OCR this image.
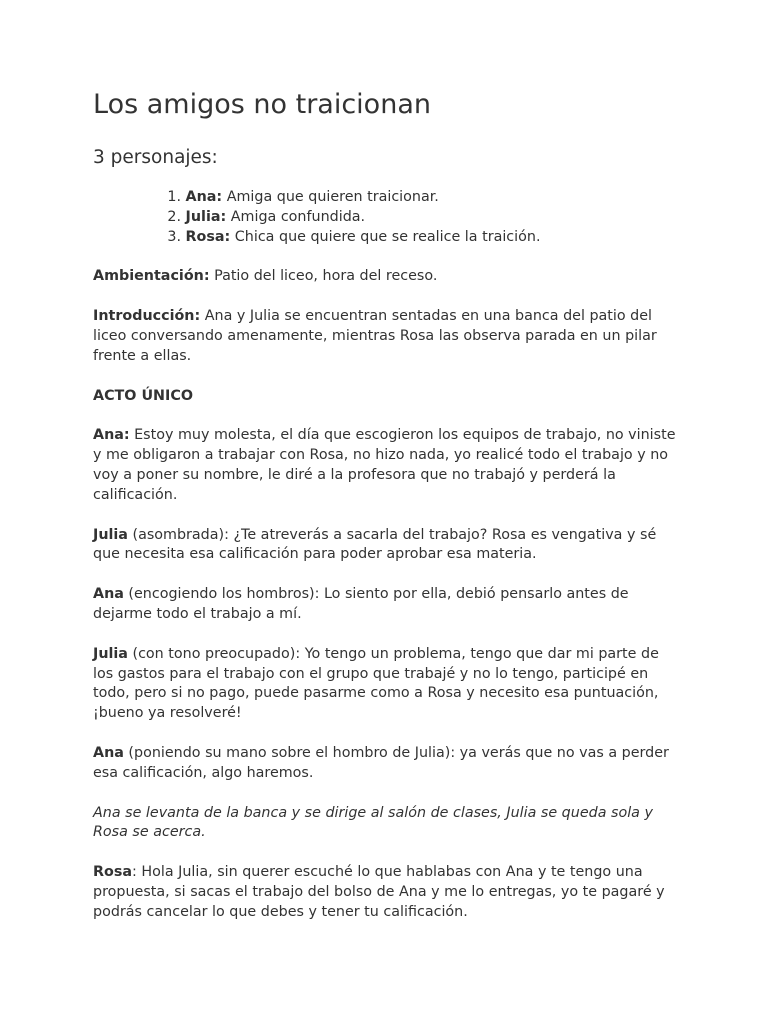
Los amigos no traicionan
3 personajes:
1.
Ana: Amiga que quieren traicionar.
2.
Julia: Amiga confundida.
3.
Rosa: Chica que quiere que se realice la traición.

Ambientación: Patio del liceo, hora del receso.

Introducción: Ana y Julia se encuentran sentadas en una banca del patio del liceo conversando amenamente, mientras Rosa las observa parada en un pilar frente a ellas.

ACTO ÚNICO

Ana: Estoy muy molesta, el día que escogieron los equipos de trabajo, no viniste y me obligaron a trabajar con Rosa, no hizo nada, yo realicé todo el trabajo y no voy a poner su nombre, le diré a la profesora que no trabajó y perderá la calificación.

Julia (asombrada): ¿Te atreverás a sacarla del trabajo? Rosa es vengativa y sé que necesita esa calificación para poder aprobar esa materia.

Ana (encogiendo los hombros): Lo siento por ella, debió pensarlo antes de dejarme todo el trabajo a mí.

Julia (con tono preocupado): Yo tengo un problema, tengo que dar mi parte de los gastos para el trabajo con el grupo que trabajé y no lo tengo, participé en todo, pero si no pago, puede pasarme como a Rosa y necesito esa puntuación, ¡bueno ya resolveré!

Ana (poniendo su mano sobre el hombro de Julia): ya verás que no vas a perder esa calificación, algo haremos.

Ana se levanta de la banca y se dirige al salón de clases, Julia se queda sola y Rosa se acerca.

Rosa: Hola Julia, sin querer escuché lo que hablabas con Ana y te tengo una propuesta, si sacas el trabajo del bolso de Ana y me lo entregas, yo te pagaré y podrás cancelar lo que debes y tener tu calificación.
